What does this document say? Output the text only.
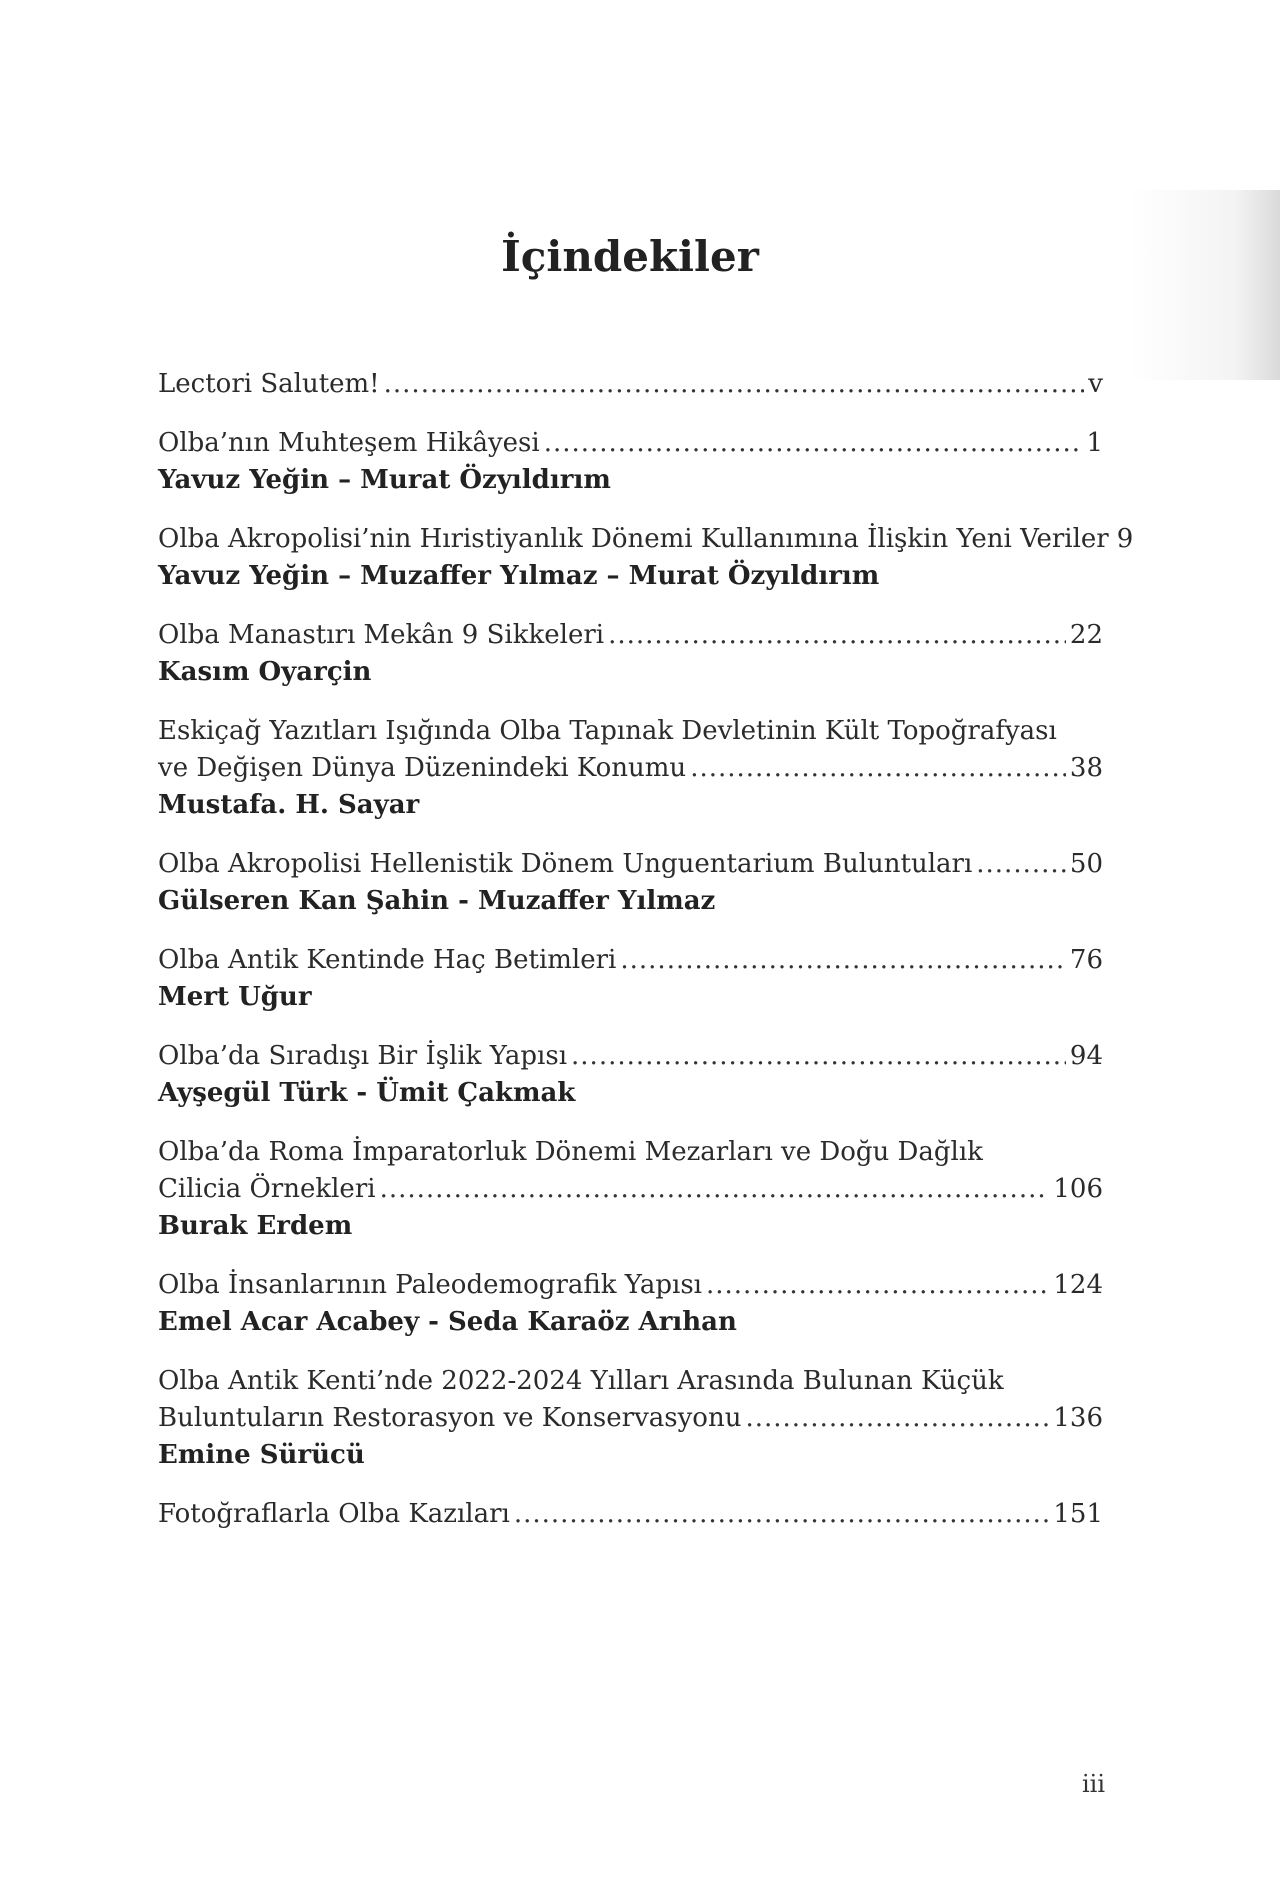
İçindekiler
Lectori Salutem! .....	v
Olba’nın Muhteşem Hikâyesi .....	1
Yavuz Yeğin – Murat Özyıldırım
Olba Akropolisi’nin Hıristiyanlık Dönemi Kullanımına İlişkin Yeni Veriler 9
Yavuz Yeğin – Muzaffer Yılmaz – Murat Özyıldırım
Olba Manastırı Mekân 9 Sikkeleri .....	22
Kasım Oyarçin
Eskiçağ Yazıtları Işığında Olba Tapınak Devletinin Kült Topoğrafyası
ve Değişen Dünya Düzenindeki Konumu .....	38
Mustafa. H. Sayar
Olba Akropolisi Hellenistik Dönem Unguentarium Buluntuları .....	50
Gülseren Kan Şahin - Muzaffer Yılmaz
Olba Antik Kentinde Haç Betimleri .....	76
Mert Uğur
Olba’da Sıradışı Bir İşlik Yapısı .....	94
Ayşegül Türk - Ümit Çakmak
Olba’da Roma İmparatorluk Dönemi Mezarları ve Doğu Dağlık
Cilicia Örnekleri .....	106
Burak Erdem
Olba İnsanlarının Paleodemografik Yapısı .....	124
Emel Acar Acabey - Seda Karaöz Arıhan
Olba Antik Kenti’nde 2022-2024 Yılları Arasında Bulunan Küçük
Buluntuların Restorasyon ve Konservasyonu .....	136
Emine Sürücü
Fotoğraflarla Olba Kazıları .....	151
iii
